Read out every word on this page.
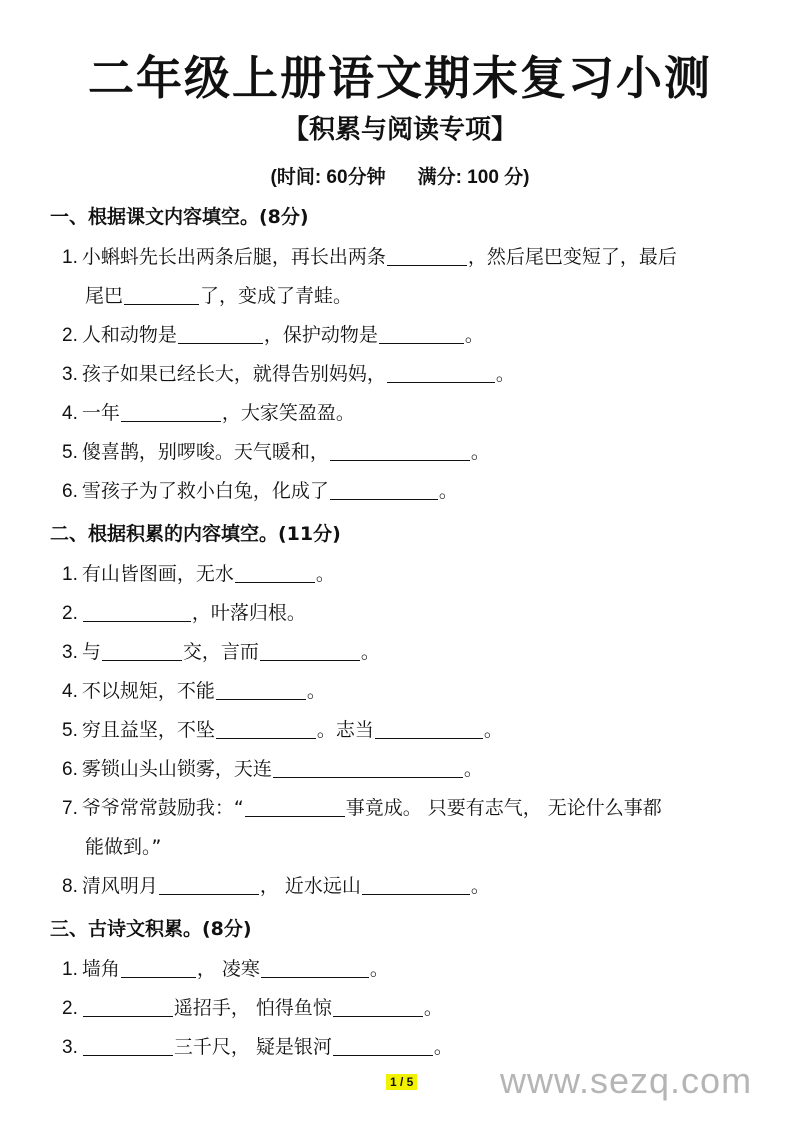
二年级上册语文期末复习小测
【积累与阅读专项】
(时间: 60分钟 满分: 100 分)
一、根据课文内容填空。(8分)
1. 小蝌蚪先长出两条后腿，再长出两条	，然后尾巴变短了，最后
尾巴	了，变成了青蛙。
2. 人和动物是	，保护动物是	。
3. 孩子如果已经长大，就得告别妈妈，	。
4. 一年	，大家笑盈盈。
5. 傻喜鹊，别啰唆。天气暖和，	。
6. 雪孩子为了救小白兔，化成了	。
二、根据积累的内容填空。(11分)
1. 有山皆图画，无水	。
2.	，叶落归根。
3. 与	交，言而	。
4. 不以规矩，不能	。
5. 穷且益坚，不坠	。志当	。
6. 雾锁山头山锁雾，天连	。
7. 爷爷常常鼓励我：“	事竟成。 只要有志气， 无论什么事都
能做到。”
8. 清风明月	， 近水远山	。
三、古诗文积累。(8分)
1. 墙角	， 凌寒	。
2.	遥招手， 怕得鱼惊	。
3.	三千尺， 疑是银河	。
1 / 5 www.sezq.com
